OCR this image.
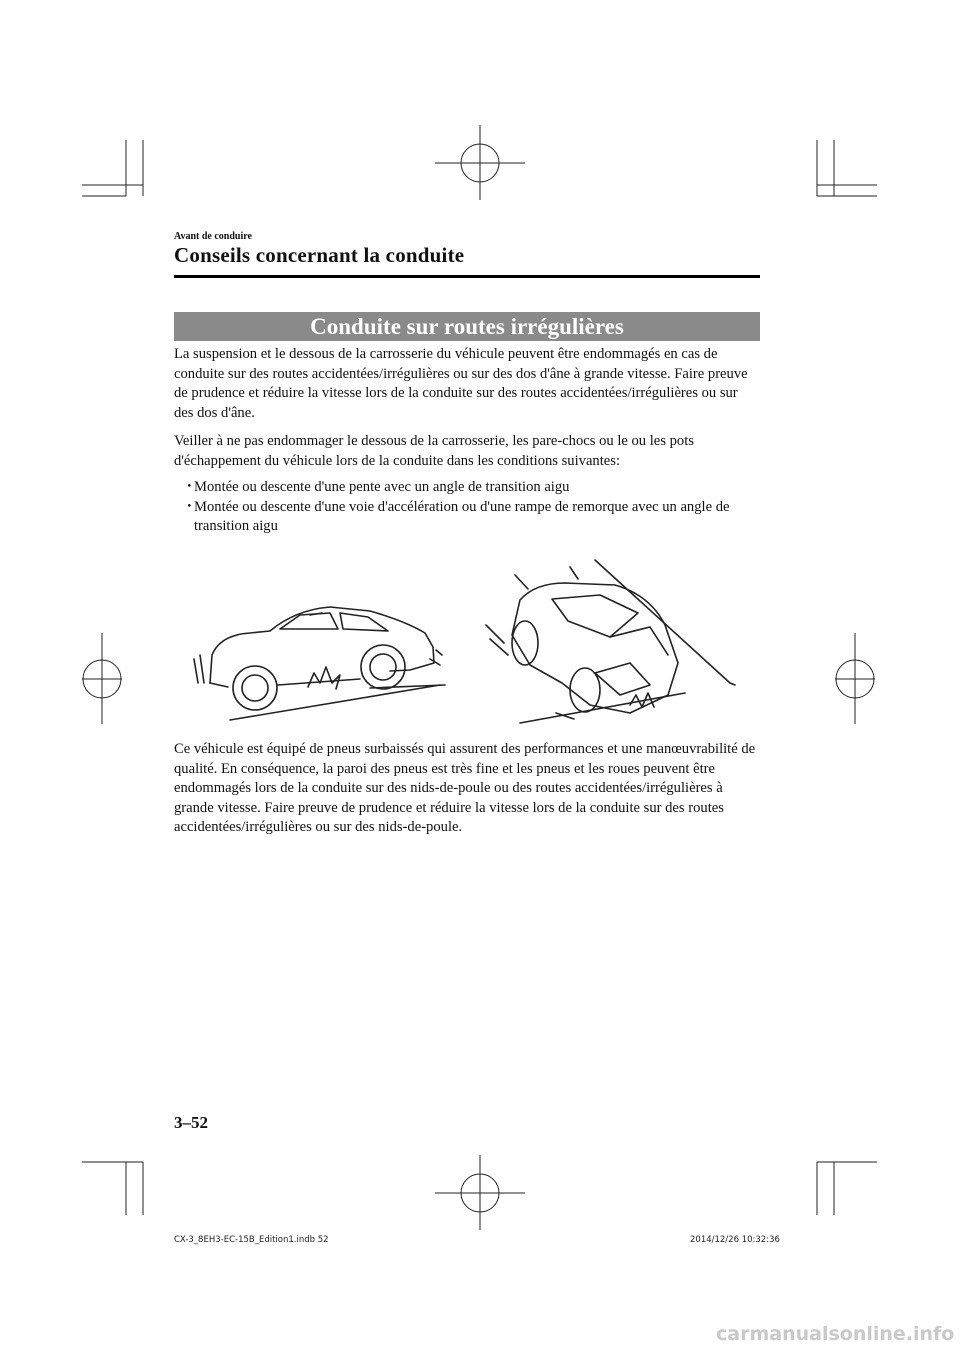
Avant de conduire
Conseils concernant la conduite
Conduite sur routes irrégulières

La suspension et le dessous de la carrosserie du véhicule peuvent être endommagés en cas de conduite sur des routes accidentées/irrégulières ou sur des dos d'âne à grande vitesse. Faire preuve de prudence et réduire la vitesse lors de la conduite sur des routes accidentées/irrégulières ou sur des dos d'âne.

Veiller à ne pas endommager le dessous de la carrosserie, les pare-chocs ou le ou les pots d'échappement du véhicule lors de la conduite dans les conditions suivantes:

・
Montée ou descente d'une pente avec un angle de transition aigu
・
Montée ou descente d'une voie d'accélération ou d'une rampe de remorque avec un angle de transition aigu

Ce véhicule est équipé de pneus surbaissés qui assurent des performances et une manœuvrabilité de qualité. En conséquence, la paroi des pneus est très fine et les pneus et les roues peuvent être endommagés lors de la conduite sur des nids-de-poule ou des routes accidentées/irrégulières à grande vitesse. Faire preuve de prudence et réduire la vitesse lors de la conduite sur des routes accidentées/irrégulières ou sur des nids-de-poule.

3–52
CX-3_8EH3-EC-15B_Edition1.indb 52	2014/12/26 10:32:36
carmanualsonline.info
